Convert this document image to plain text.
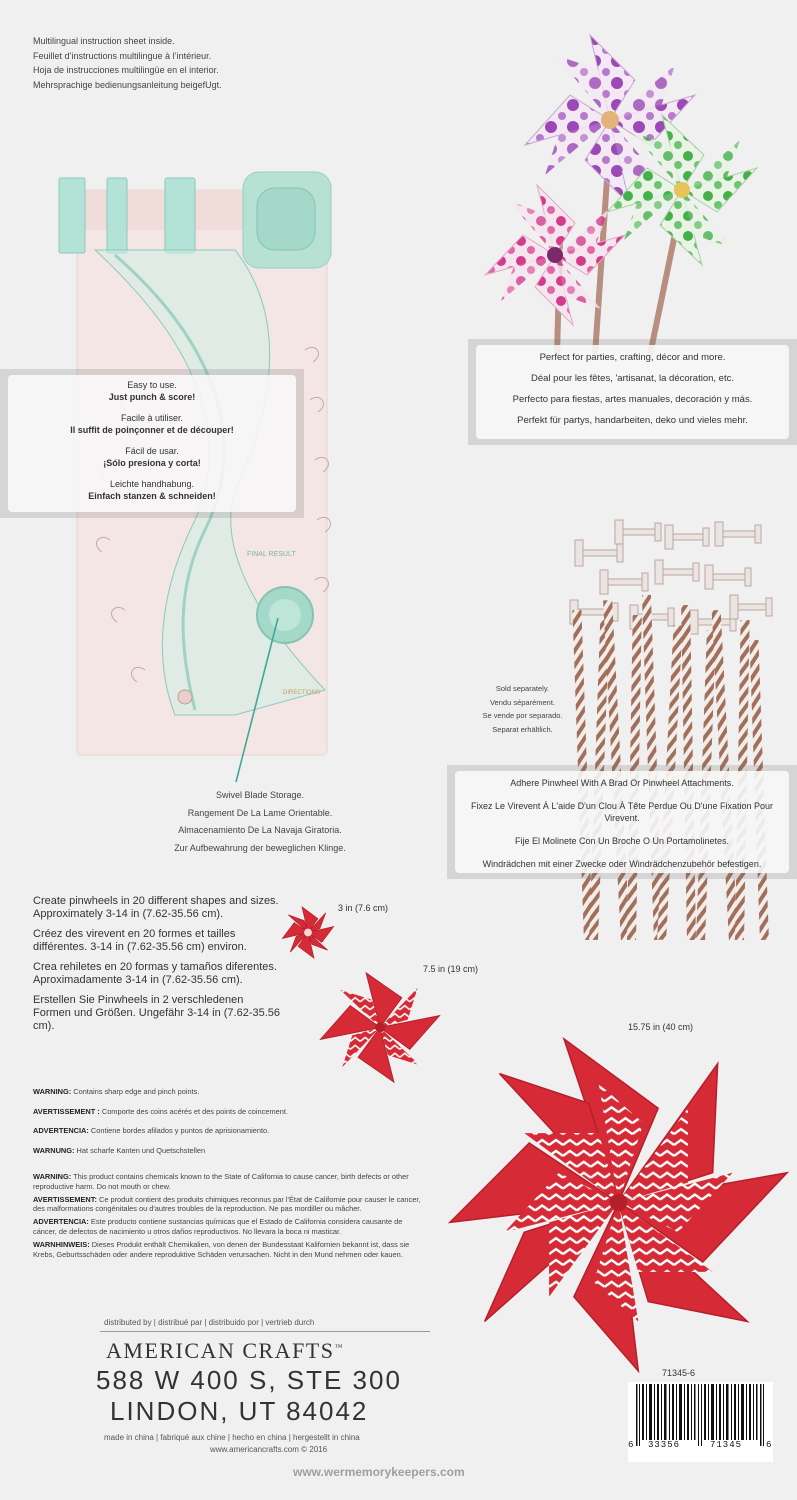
Multilingual instruction sheet inside.
Feuillet d’instructions multilingue à l’intérieur.
Hoja de instrucciones multilingüe en el interior.
Mehrsprachige bedienungsanleitung beigefUgt.
FINAL RESULT
DIRECTIONS

Easy to use.

Just punch & score!

Facile à utiliser.

Il suffit de poinçonner et de découper!

Fácil de usar.

¡Sólo presiona y corta!

Leichte handhabung.

Einfach stanzen & schneiden!

Swivel Blade Storage.

Rangement De La Lame Orientable.

Almacenamiento De La Navaja Giratoria.

Zur Aufbewahrung der beweglichen Klinge.

Perfect for parties, crafting, décor and more.

Déal pour les fêtes, 'artisanat, la décoration, etc.

Perfecto para fiestas, artes manuales, decoración y más.

Perfekt für partys, handarbeiten, deko und vieles mehr.

Sold separately.

Vendu séparément.

Se vende por separado.

Separat erhältlich.

Adhere Pinwheel With A Brad Or Pinwheel Attachments.

Fixez Le Virevent À L'aide D'un Clou À Tête Perdue Ou D'une Fixation Pour Virevent.

Fije El Molinete Con Un Broche O Un Portamolinetes.

Windrädchen mit einer Zwecke oder Windrädchenzubehör befestigen.

Create pinwheels in 20 different shapes and sizes. Approximately 3-14 in (7.62-35.56 cm).

Créez des virevent en 20 formes et tailles différentes. 3-14 in (7.62-35.56 cm) environ.

Crea rehiletes en 20 formas y tamaños diferentes. Aproximadamente 3-14 in (7.62-35.56 cm).

Erstellen Sie Pinwheels in 2 verschledenen Formen und Größen. Ungefähr 3-14 in (7.62-35.56 cm).

3 in (7.6 cm)
7.5 in (19 cm)
15.75 in (40 cm)

WARNING: Contains sharp edge and pinch points.

AVERTISSEMENT : Comporte des coins acérés et des points de coincement.

ADVERTENCIA: Contiene bordes afilados y puntos de aprisionamiento.

WARNUNG: Hat scharfe Kanten und Quetschstellen

WARNING: This product contains chemicals known to the State of California to cause cancer, birth defects or other reproductive harm. Do not mouth or chew.

AVERTISSEMENT: Ce produit contient des produits chimiques reconnus par l'État de Californie pour causer le cancer, des malformations congénitales ou d'autres troubles de la reproduction. Ne pas mordiller ou mâcher.

ADVERTENCIA: Este producto contiene sustancias químicas que el Estado de California considera causante de cáncer, de defectos de nacimiento u otros daños reproductivos. No llevara la boca ni masticar.

WARNHINWEIS: Dieses Produkt enthält Chemikalien, von denen der Bundesstaat Kalifornien bekannt ist, dass sie Krebs, Geburtsschäden oder andere reproduktive Schäden verursachen. Nicht in den Mund nehmen oder kauen.

distributed by | distribué par | distribuido por | vertrieb durch
AMERICAN CRAFTS™
588 W 400 S, STE 300
LINDON, UT 84042
made in china | fabriqué aux chine | hecho en china | hergestellt in china
www.americancrafts.com © 2016
71345-6
6 33356	71345	6
www.wermemorykeepers.com
